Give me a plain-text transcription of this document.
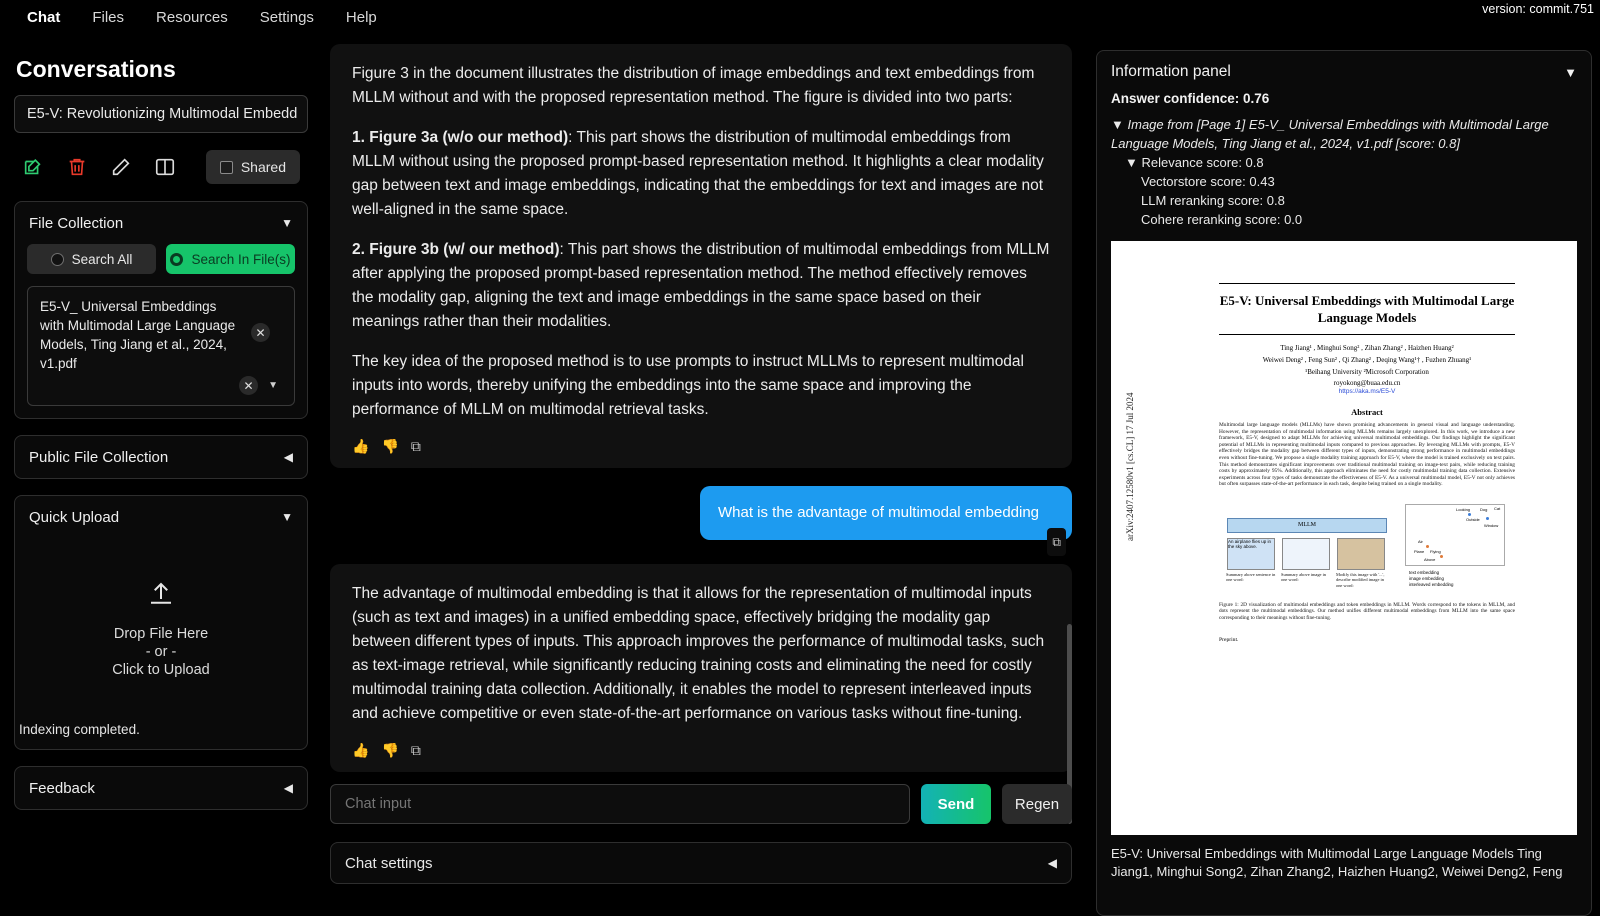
Chat	Files	Resources	Settings	Help	version: commit.751
Conversations
E5-V: Revolutionizing Multimodal Embedd
Shared
File Collection	▼
Search All	Search In File(s)
E5-V_ Universal Embeddings with Multimodal Large Language Models, Ting Jiang et al., 2024, v1.pdf
✕
✕	▼
Public File Collection	◀
Quick Upload	▼
Drop File Here
- or -
Click to Upload
Indexing completed.
Feedback	◀

Figure 3 in the document illustrates the distribution of image embeddings and text embeddings from MLLM without and with the proposed representation method. The figure is divided into two parts:

1. Figure 3a (w/o our method): This part shows the distribution of multimodal embeddings from MLLM without using the proposed prompt-based representation method. It highlights a clear modality gap between text and image embeddings, indicating that the embeddings for text and images are not well-aligned in the same space.

2. Figure 3b (w/ our method): This part shows the distribution of multimodal embeddings from MLLM after applying the proposed prompt-based representation method. The method effectively removes the modality gap, aligning the text and image embeddings in the same space based on their meanings rather than their modalities.

The key idea of the proposed method is to use prompts to instruct MLLMs to represent multimodal inputs into words, thereby unifying the embeddings into the same space and improving the performance of MLLM on multimodal retrieval tasks.

👍 👎 ⧉
What is the advantage of multimodal embedding
⧉

The advantage of multimodal embedding is that it allows for the representation of multimodal inputs (such as text and images) in a unified embedding space, effectively bridging the modality gap between different types of inputs. This approach improves the performance of multimodal tasks, such as text-image retrieval, while significantly reducing training costs and eliminating the need for costly multimodal training data collection. Additionally, it enables the model to represent interleaved inputs and achieve competitive or even state-of-the-art performance on various tasks without fine-tuning.

👍 👎 ⧉
Chat input
Send	Regen
Chat settings	◀
Information panel	▼
Answer confidence: 0.76
▼ Image from [Page 1] E5-V_ Universal Embeddings with Multimodal Large Language Models, Ting Jiang et al., 2024, v1.pdf [score: 0.8]
▼ Relevance score: 0.8
Vectorstore score: 0.43
LLM reranking score: 0.8
Cohere reranking score: 0.0
arXiv:2407.12580v1 [cs.CL] 17 Jul 2024
E5-V: Universal Embeddings with Multimodal Large Language Models
Ting Jiang¹ , Minghui Song² , Zihan Zhang² , Haizhen Huang²
Weiwei Deng² , Feng Sun² , Qi Zhang² , Deqing Wang¹† , Fuzhen Zhuang¹
¹Beihang University ²Microsoft Corporation
royokong@buaa.edu.cn
https://aka.ms/E5-V
Abstract
Multimodal large language models (MLLMs) have shown promising advancements in general visual and language understanding. However, the representation of multimodal information using MLLMs remains largely unexplored. In this work, we introduce a new framework, E5-V, designed to adapt MLLMs for achieving universal multimodal embeddings. Our findings highlight the significant potential of MLLMs in representing multimodal inputs compared to previous approaches. By leveraging MLLMs with prompts, E5-V effectively bridges the modality gap between different types of inputs, demonstrating strong performance in multimodal embeddings even without fine-tuning. We propose a single modality training approach for E5-V, where the model is trained exclusively on text pairs. This method demonstrates significant improvements over traditional multimodal training on image-text pairs, while reducing training costs by approximately 95%. Additionally, this approach eliminates the need for costly multimodal training data collection. Extensive experiments across four types of tasks demonstrate the effectiveness of E5-V. As a universal multimodal model, E5-V not only achieves but often surpasses state-of-the-art performance in each task, despite being trained on a single modality.
MLLM
An airplane flies up in the sky above.
Summary above sentence in one word:
Summary above image in one word:
Modify this image with '...', describe modified image in one word:
Looking Dog Cat
Outside
Window
Air
Plane Flying
Above
text embedding
image embedding
interleaved embedding
Figure 1: 2D visualization of multimodal embeddings and token embeddings in MLLM. Words correspond to the tokens in MLLM, and dots represent the multimodal embeddings. Our method unifies different multimodal embeddings from MLLM into the same space corresponding to their meanings without fine-tuning.
Preprint.
E5-V: Universal Embeddings with Multimodal Large Language Models Ting Jiang1, Minghui Song2, Zihan Zhang2, Haizhen Huang2, Weiwei Deng2, Feng
